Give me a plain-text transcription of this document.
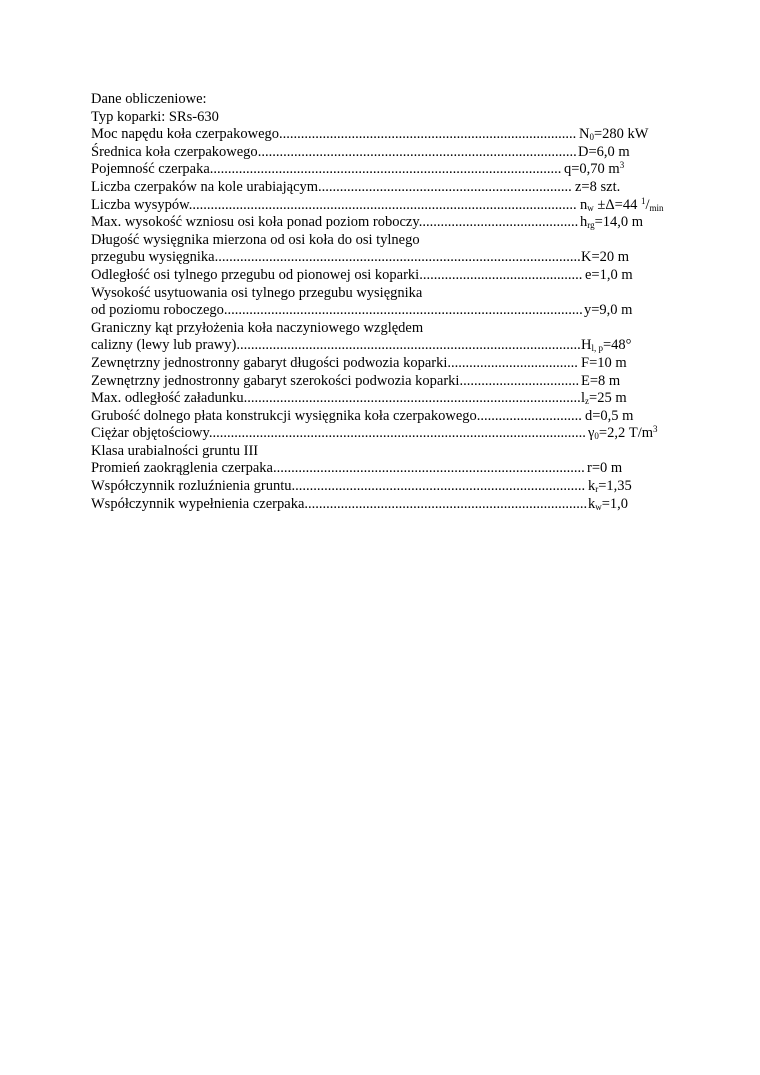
Dane obliczeniowe:
Typ koparki: SRs-630
Moc napędu koła czerpakowego.................................................................................. $N_0=280$ kW
Średnica koła czerpakowego........................................................................................ D=6,0 m
Pojemność czerpaka................................................................................................. q=0,70 $m^3$
Liczba czerpaków na kole urabiającym...................................................................... z=8 szt.
Liczba wysypów........................................................................................................... $n_w \pm\Delta=44$ $^1/_{min}$
Max. wysokość wzniosu osi koła ponad poziom roboczy............................................ $h_{rg}=14,0$ m
Długość wysięgnika mierzona od osi koła do osi tylnego
przegubu wysięgnika..................................................................................................... K=20 m
Odległość osi tylnego przegubu od pionowej osi koparki............................................. e=1,0 m
Wysokość usytuowania osi tylnego przegubu wysięgnika
od poziomu roboczego................................................................................................... y=9,0 m
Graniczny kąt przyłożenia koła naczyniowego względem
calizny (lewy lub prawy)............................................................................................... $H_{l, p}=48^\circ$
Zewnętrzny jednostronny gabaryt długości podwozia koparki.................................... F=10 m
Zewnętrzny jednostronny gabaryt szerokości podwozia koparki................................. E=8 m
Max. odległość załadunku............................................................................................. $l_z=25$ m
Grubość dolnego płata konstrukcji wysięgnika koła czerpakowego............................. d=0,5 m
Ciężar objętościowy........................................................................................................ $\gamma_0=2,2$ $T/m^3$
Klasa urabialności gruntu III
Promień zaokrąglenia czerpaka...................................................................................... r=0 m
Współczynnik rozluźnienia gruntu................................................................................. $k_r=1,35$
Współczynnik wypełnienia czerpaka.............................................................................. $k_w=1,0$
